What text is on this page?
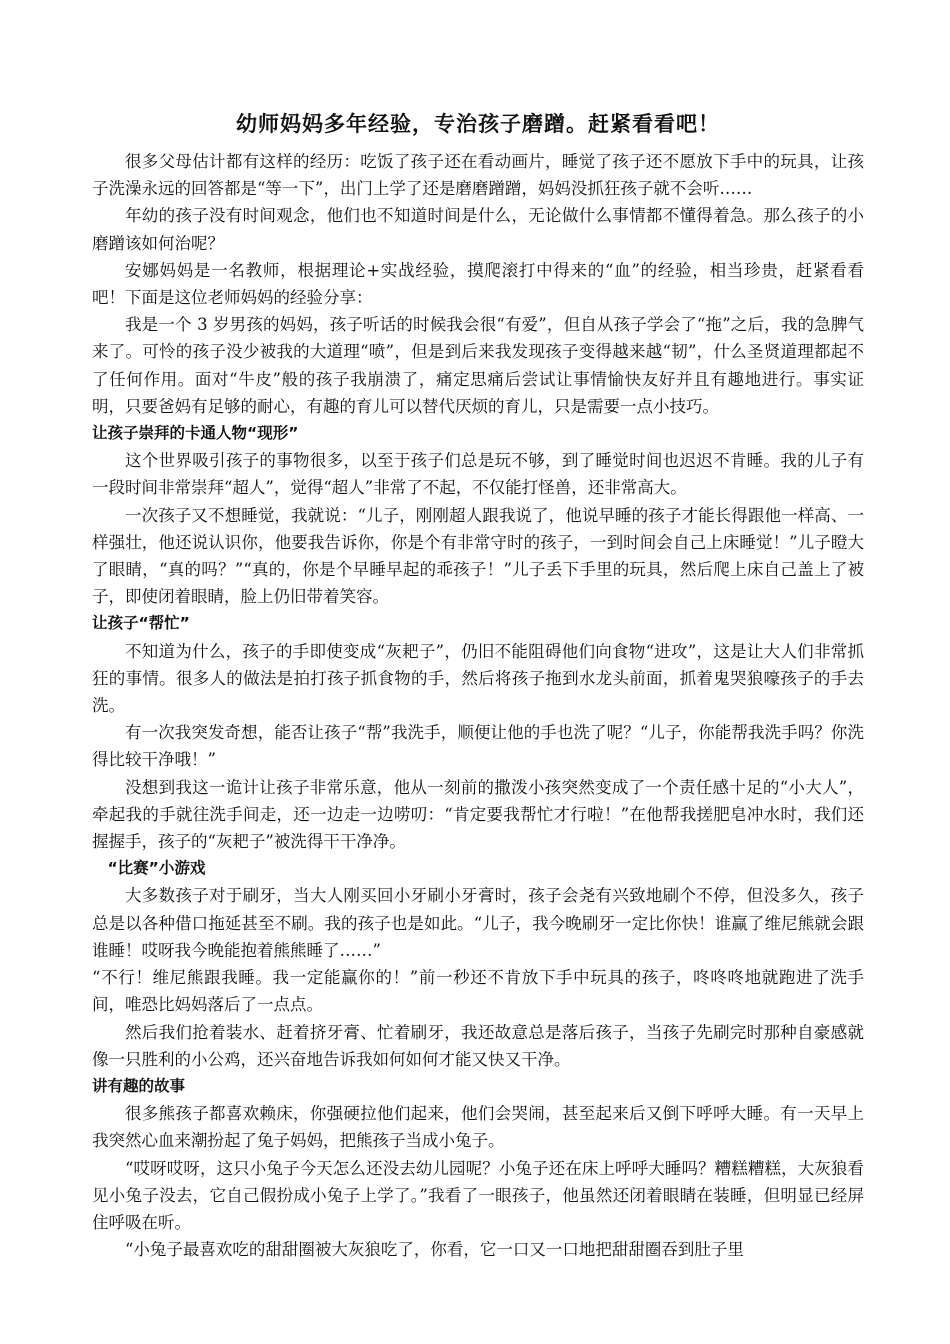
幼师妈妈多年经验，专治孩子磨蹭。赶紧看看吧！

很多父母估计都有这样的经历：吃饭了孩子还在看动画片，睡觉了孩子还不愿放下手中的玩具，让孩子洗澡永远的回答都是“等一下”，出门上学了还是磨磨蹭蹭，妈妈没抓狂孩子就不会听……

年幼的孩子没有时间观念，他们也不知道时间是什么，无论做什么事情都不懂得着急。那么孩子的小磨蹭该如何治呢？

安娜妈妈是一名教师，根据理论+实战经验，摸爬滚打中得来的“血”的经验，相当珍贵，赶紧看看吧！下面是这位老师妈妈的经验分享：

我是一个 3 岁男孩的妈妈，孩子听话的时候我会很“有爱”，但自从孩子学会了“拖”之后，我的急脾气来了。可怜的孩子没少被我的大道理“喷”，但是到后来我发现孩子变得越来越“韧”，什么圣贤道理都起不了任何作用。面对“牛皮”般的孩子我崩溃了，痛定思痛后尝试让事情愉快友好并且有趣地进行。事实证明，只要爸妈有足够的耐心，有趣的育儿可以替代厌烦的育儿，只是需要一点小技巧。

让孩子崇拜的卡通人物“现形”

这个世界吸引孩子的事物很多，以至于孩子们总是玩不够，到了睡觉时间也迟迟不肯睡。我的儿子有一段时间非常崇拜“超人”，觉得“超人”非常了不起，不仅能打怪兽，还非常高大。

一次孩子又不想睡觉，我就说：“儿子，刚刚超人跟我说了，他说早睡的孩子才能长得跟他一样高、一样强壮，他还说认识你，他要我告诉你，你是个有非常守时的孩子，一到时间会自己上床睡觉！”儿子瞪大了眼睛，“真的吗？”“真的，你是个早睡早起的乖孩子！”儿子丢下手里的玩具，然后爬上床自己盖上了被子，即使闭着眼睛，脸上仍旧带着笑容。

让孩子“帮忙”

不知道为什么，孩子的手即使变成“灰耙子”，仍旧不能阻碍他们向食物“进攻”，这是让大人们非常抓狂的事情。很多人的做法是拍打孩子抓食物的手，然后将孩子拖到水龙头前面，抓着鬼哭狼嚎孩子的手去洗。

有一次我突发奇想，能否让孩子“帮”我洗手，顺便让他的手也洗了呢？“儿子，你能帮我洗手吗？你洗得比较干净哦！”

没想到我这一诡计让孩子非常乐意，他从一刻前的撒泼小孩突然变成了一个责任感十足的“小大人”，牵起我的手就往洗手间走，还一边走一边唠叨：“肯定要我帮忙才行啦！”在他帮我搓肥皂冲水时，我们还握握手，孩子的“灰耙子”被洗得干干净净。

“比赛”小游戏

大多数孩子对于刷牙，当大人刚买回小牙刷小牙膏时，孩子会尧有兴致地刷个不停，但没多久，孩子总是以各种借口拖延甚至不刷。我的孩子也是如此。“儿子，我今晚刷牙一定比你快！谁赢了维尼熊就会跟谁睡！哎呀我今晚能抱着熊熊睡了……”

“不行！维尼熊跟我睡。我一定能赢你的！”前一秒还不肯放下手中玩具的孩子，咚咚咚地就跑进了洗手间，唯恐比妈妈落后了一点点。

然后我们抢着装水、赶着挤牙膏、忙着刷牙，我还故意总是落后孩子，当孩子先刷完时那种自豪感就像一只胜利的小公鸡，还兴奋地告诉我如何如何才能又快又干净。

讲有趣的故事

很多熊孩子都喜欢赖床，你强硬拉他们起来，他们会哭闹，甚至起来后又倒下呼呼大睡。有一天早上我突然心血来潮扮起了兔子妈妈，把熊孩子当成小兔子。

“哎呀哎呀，这只小兔子今天怎么还没去幼儿园呢？小兔子还在床上呼呼大睡吗？糟糕糟糕，大灰狼看见小兔子没去，它自己假扮成小兔子上学了。”我看了一眼孩子，他虽然还闭着眼睛在装睡，但明显已经屏住呼吸在听。

“小兔子最喜欢吃的甜甜圈被大灰狼吃了，你看，它一口又一口地把甜甜圈吞到肚子里
